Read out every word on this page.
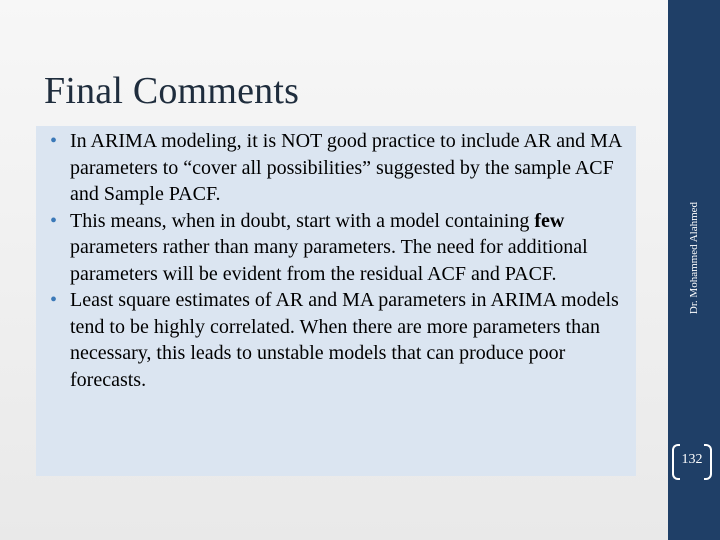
Final Comments
• In ARIMA modeling, it is NOT good practice to include AR and MA parameters to “cover all possibilities” suggested by the sample ACF and Sample PACF.
• This means, when in doubt, start with a model containing few parameters rather than many parameters. The need for additional parameters will be evident from the residual ACF and PACF.
• Least square estimates of AR and MA parameters in ARIMA models tend to be highly correlated. When there are more parameters than necessary, this leads to unstable models that can produce poor forecasts.
Dr. Mohammed Alahmed
132
